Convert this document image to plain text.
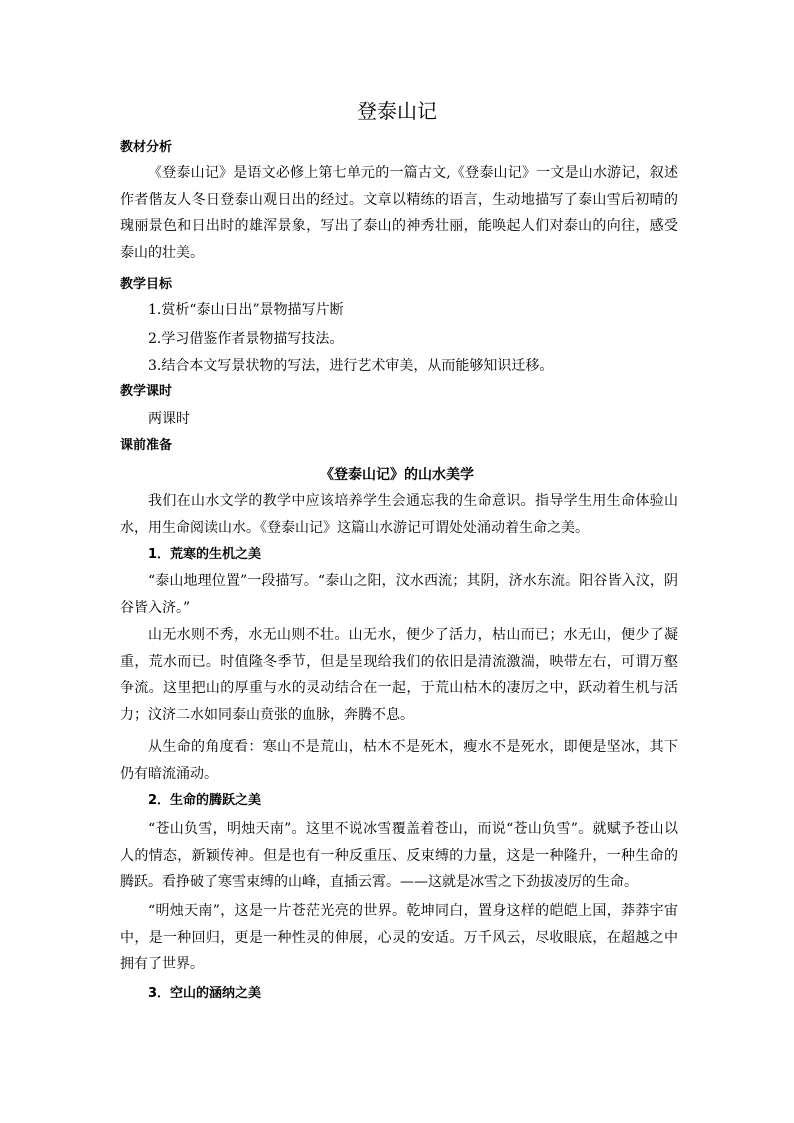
登泰山记
教材分析
《登泰山记》是语文必修上第七单元的一篇古文,《登泰山记》一文是山水游记，叙述作者偕友人冬日登泰山观日出的经过。文章以精练的语言，生动地描写了泰山雪后初晴的瑰丽景色和日出时的雄浑景象，写出了泰山的神秀壮丽，能唤起人们对泰山的向往，感受泰山的壮美。
教学目标
1.赏析“泰山日出”景物描写片断
2.学习借鉴作者景物描写技法。
3.结合本文写景状物的写法，进行艺术审美，从而能够知识迁移。
教学课时
两课时
课前准备
《登泰山记》的山水美学
我们在山水文学的教学中应该培养学生会通忘我的生命意识。指导学生用生命体验山水，用生命阅读山水。《登泰山记》这篇山水游记可谓处处涌动着生命之美。
1．荒寒的生机之美
“泰山地理位置”一段描写。“泰山之阳，汶水西流；其阴，济水东流。阳谷皆入汶，阴谷皆入济。”
山无水则不秀，水无山则不壮。山无水，便少了活力，枯山而已；水无山，便少了凝重，荒水而已。时值隆冬季节，但是呈现给我们的依旧是清流激湍，映带左右，可谓万壑争流。这里把山的厚重与水的灵动结合在一起，于荒山枯木的凄厉之中，跃动着生机与活力；汶济二水如同泰山贲张的血脉，奔腾不息。
从生命的角度看：寒山不是荒山，枯木不是死木，瘦水不是死水，即便是坚冰，其下仍有暗流涌动。
2．生命的腾跃之美
“苍山负雪，明烛天南”。这里不说冰雪覆盖着苍山，而说“苍山负雪”。就赋予苍山以人的情态，新颖传神。但是也有一种反重压、反束缚的力量，这是一种隆升，一种生命的腾跃。看挣破了寒雪束缚的山峰，直插云霄。——这就是冰雪之下劲拔凌厉的生命。
“明烛天南”，这是一片苍茫光亮的世界。乾坤同白，置身这样的皑皑上国，莽莽宇宙中，是一种回归，更是一种性灵的伸展，心灵的安适。万千风云，尽收眼底，在超越之中拥有了世界。
3．空山的涵纳之美
